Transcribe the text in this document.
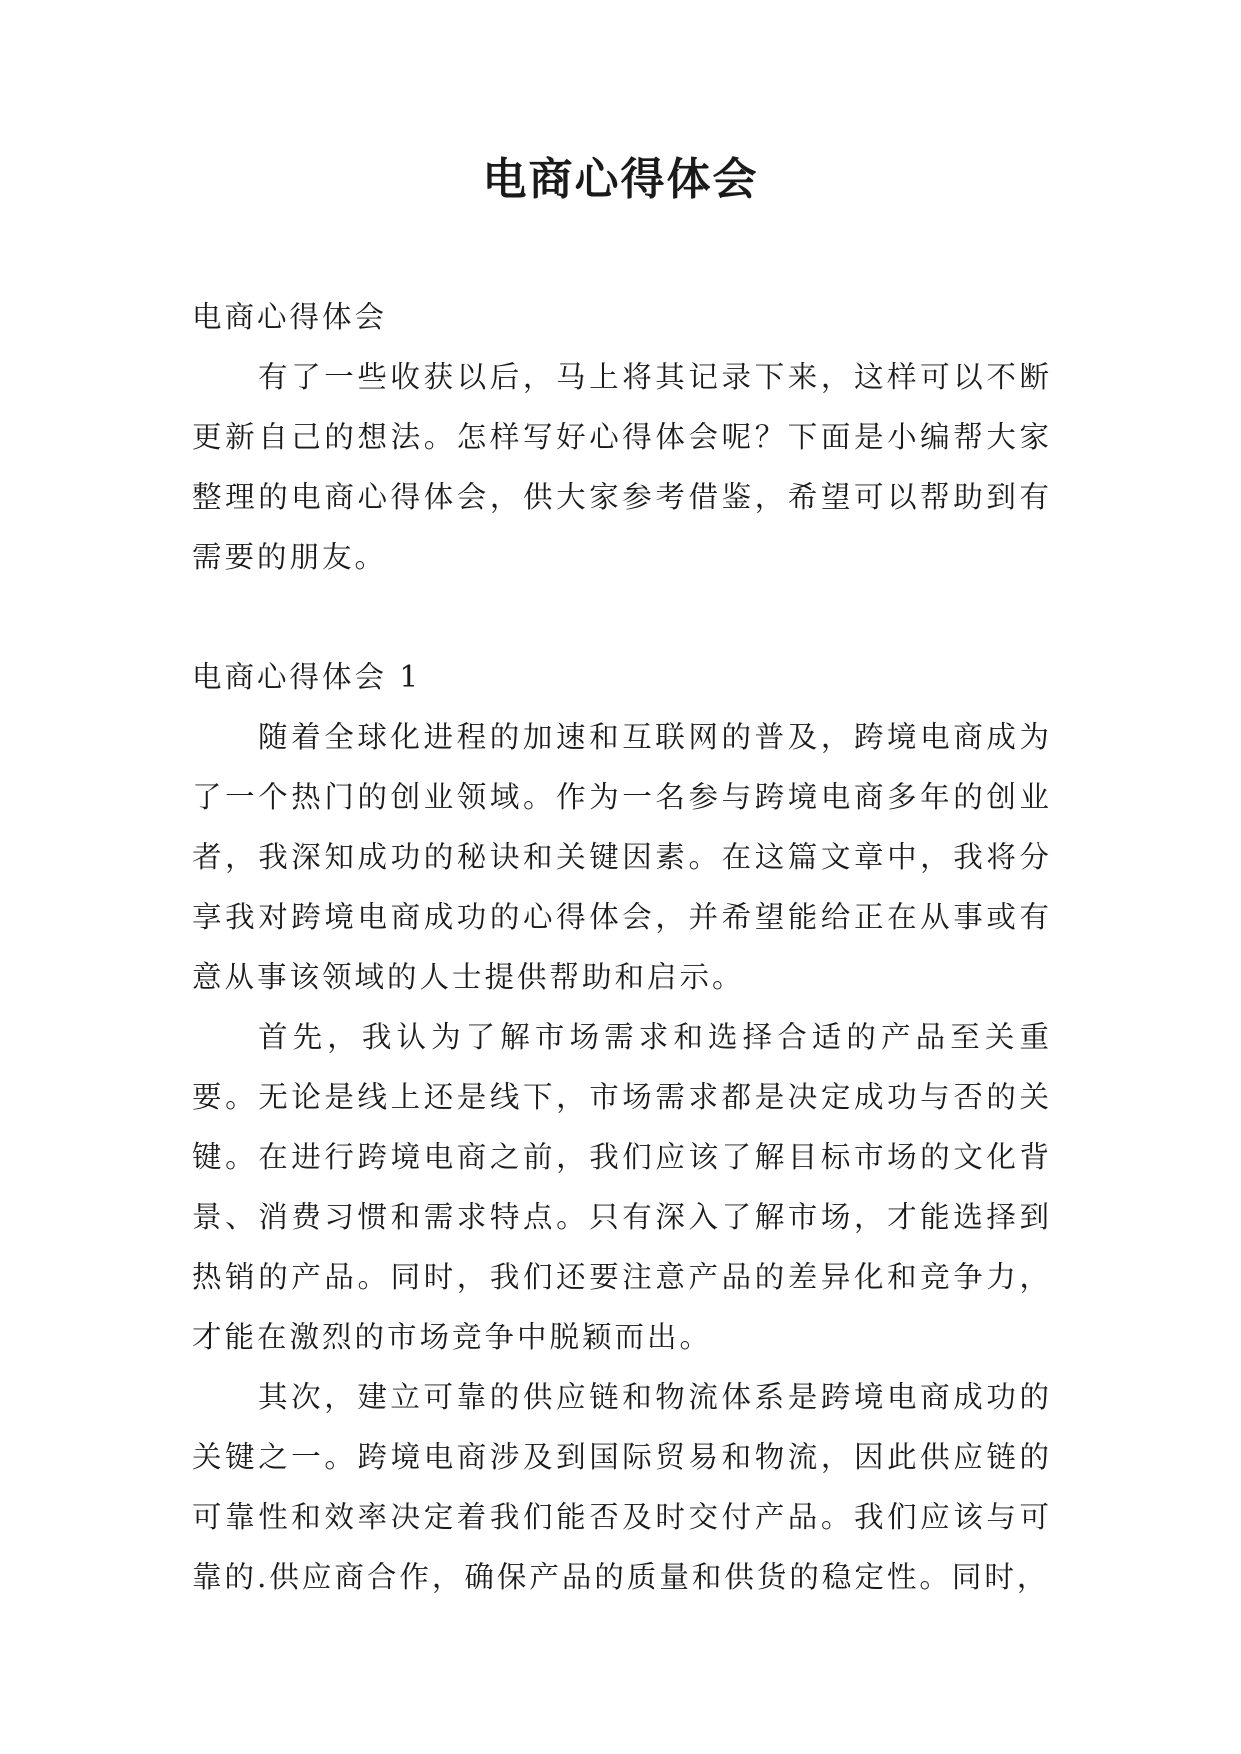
电商心得体会

电商心得体会

有了一些收获以后，马上将其记录下来，这样可以不断更新自己的想法。怎样写好心得体会呢？下面是小编帮大家整理的电商心得体会，供大家参考借鉴，希望可以帮助到有需要的朋友。

电商心得体会 1

随着全球化进程的加速和互联网的普及，跨境电商成为了一个热门的创业领域。作为一名参与跨境电商多年的创业者，我深知成功的秘诀和关键因素。在这篇文章中，我将分享我对跨境电商成功的心得体会，并希望能给正在从事或有意从事该领域的人士提供帮助和启示。

首先，我认为了解市场需求和选择合适的产品至关重要。无论是线上还是线下，市场需求都是决定成功与否的关键。在进行跨境电商之前，我们应该了解目标市场的文化背景、消费习惯和需求特点。只有深入了解市场，才能选择到热销的产品。同时，我们还要注意产品的差异化和竞争力，才能在激烈的市场竞争中脱颖而出。

其次，建立可靠的供应链和物流体系是跨境电商成功的关键之一。跨境电商涉及到国际贸易和物流，因此供应链的可靠性和效率决定着我们能否及时交付产品。我们应该与可靠的.供应商合作，确保产品的质量和供货的稳定性。同时，
